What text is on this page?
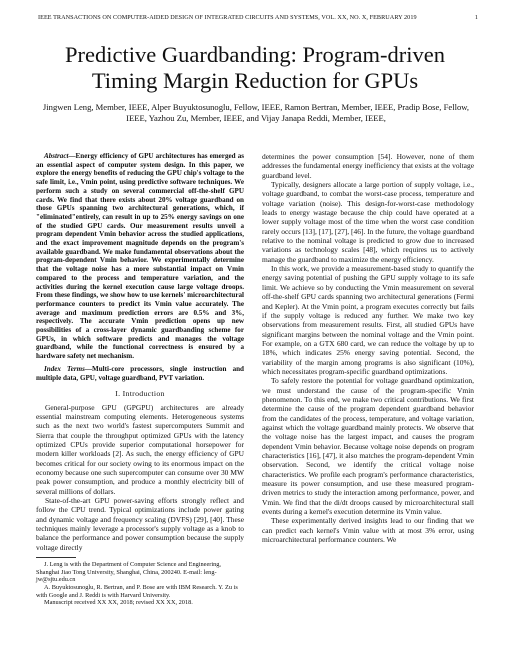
IEEE TRANSACTIONS ON COMPUTER-AIDED DESIGN OF INTEGRATED CIRCUITS AND SYSTEMS, VOL. XX, NO. X, FEBRUARY 2019	1
Predictive Guardbanding: Program-driven
Timing Margin Reduction for GPUs
Jingwen Leng, Member, IEEE, Alper Buyuktosunoglu, Fellow, IEEE, Ramon Bertran, Member, IEEE, Pradip Bose, Fellow, IEEE, Yazhou Zu, Member, IEEE, and Vijay Janapa Reddi, Member, IEEE,

Abstract—Energy efficiency of GPU architectures has emerged as an essential aspect of computer system design. In this paper, we explore the energy benefits of reducing the GPU chip's voltage to the safe limit, i.e., Vmin point, using predictive software techniques. We perform such a study on several commercial off-the-shelf GPU cards. We find that there exists about 20% voltage guardband on those GPUs spanning two architectural generations, which, if "eliminated"entirely, can result in up to 25% energy savings on one of the studied GPU cards. Our measurement results unveil a program dependent Vmin behavior across the studied applications, and the exact improvement magnitude depends on the program's available guardband. We make fundamental observations about the program-dependent Vmin behavior. We experimentally determine that the voltage noise has a more substantial impact on Vmin compared to the process and temperature variation, and the activities during the kernel execution cause large voltage droops. From these findings, we show how to use kernels' microarchitectural performance counters to predict its Vmin value accurately. The average and maximum prediction errors are 0.5% and 3%, respectively. The accurate Vmin prediction opens up new possibilities of a cross-layer dynamic guardbanding scheme for GPUs, in which software predicts and manages the voltage guardband, while the functional correctness is ensured by a hardware safety net mechanism.

Index Terms—Multi-core processors, single instruction and multiple data, GPU, voltage guardband, PVT variation.

I. Introduction

General-purpose GPU (GPGPU) architectures are already essential mainstream computing elements. Heterogeneous systems such as the next two world's fastest supercomputers Summit and Sierra that couple the throughput optimized GPUs with the latency optimized CPUs provide superior computational horsepower for modern killer workloads [2]. As such, the energy efficiency of GPU becomes critical for our society owing to its enormous impact on the economy because one such supercomputer can consume over 30 MW peak power consumption, and produce a monthly electricity bill of several millions of dollars.

State-of-the-art GPU power-saving efforts strongly reflect and follow the CPU trend. Typical optimizations include power gating and dynamic voltage and frequency scaling (DVFS) [29], [40]. These techniques mainly leverage a processor's supply voltage as a knob to balance the performance and power consumption because the supply voltage directly

J. Leng is with the Department of Computer Science and Engineering, Shanghai Jiao Tong University, Shanghai, China, 200240. E-mail: leng-jw@sjtu.edu.cn

A. Buyuktosunoglu, R. Bertran, and P. Bose are with IBM Research. Y. Zu is with Google and J. Reddi is with Harvard University.

Manuscript received XX XX, 2018; revised XX XX, 2018.

determines the power consumption [54]. However, none of them addresses the fundamental energy inefficiency that exists at the voltage guardband level.

Typically, designers allocate a large portion of supply voltage, i.e., voltage guardband, to combat the worst-case process, temperature and voltage variation (noise). This design-for-worst-case methodology leads to energy wastage because the chip could have operated at a lower supply voltage most of the time when the worst case condition rarely occurs [13], [17], [27], [46]. In the future, the voltage guardband relative to the nominal voltage is predicted to grow due to increased variations as technology scales [48], which requires us to actively manage the guardband to maximize the energy efficiency.

In this work, we provide a measurement-based study to quantify the energy saving potential of pushing the GPU supply voltage to its safe limit. We achieve so by conducting the Vmin measurement on several off-the-shelf GPU cards spanning two architectural generations (Fermi and Kepler). At the Vmin point, a program executes correctly but fails if the supply voltage is reduced any further. We make two key observations from measurement results. First, all studied GPUs have significant margins between the nominal voltage and the Vmin point. For example, on a GTX 680 card, we can reduce the voltage by up to 18%, which indicates 25% energy saving potential. Second, the variability of the margin among programs is also significant (10%), which necessitates program-specific guardband optimizations.

To safely restore the potential for voltage guardband optimization, we must understand the cause of the program-specific Vmin phenomenon. To this end, we make two critical contributions. We first determine the cause of the program dependent guardband behavior from the candidates of the process, temperature, and voltage variation, against which the voltage guardband mainly protects. We observe that the voltage noise has the largest impact, and causes the program dependent Vmin behavior. Because voltage noise depends on program characteristics [16], [47], it also matches the program-dependent Vmin observation. Second, we identify the critical voltage noise characteristics. We profile each program's performance characteristics, measure its power consumption, and use these measured program-driven metrics to study the interaction among performance, power, and Vmin. We find that the di/dt droops caused by microarchitectural stall events during a kernel's execution determine its Vmin value.

These experimentally derived insights lead to our finding that we can predict each kernel's Vmin value with at most 3% error, using microarchitectural performance counters. We
